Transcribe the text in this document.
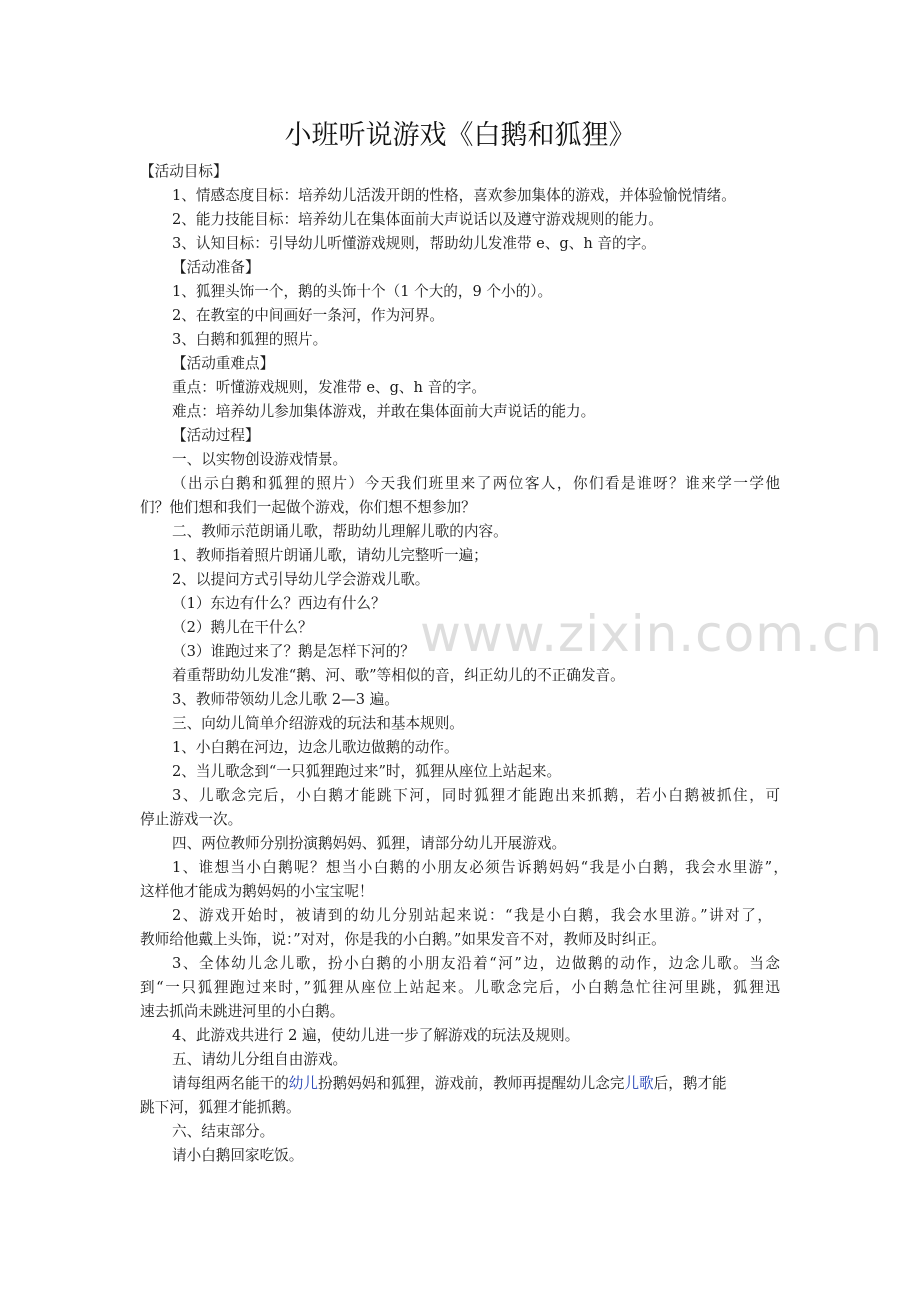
www.zixin.com.cn
小班听说游戏《白鹅和狐狸》
【活动目标】
1、情感态度目标：培养幼儿活泼开朗的性格，喜欢参加集体的游戏，并体验愉悦情绪。
2、能力技能目标：培养幼儿在集体面前大声说话以及遵守游戏规则的能力。
3、认知目标：引导幼儿听懂游戏规则，帮助幼儿发准带 e、g、h 音的字。
【活动准备】
1、狐狸头饰一个，鹅的头饰十个（1 个大的，9 个小的）。
2、在教室的中间画好一条河，作为河界。
3、白鹅和狐狸的照片。
【活动重难点】
重点：听懂游戏规则，发准带 e、g、h 音的字。
难点：培养幼儿参加集体游戏，并敢在集体面前大声说话的能力。
【活动过程】
一、以实物创设游戏情景。
（出示白鹅和狐狸的照片）今天我们班里来了两位客人，你们看是谁呀？谁来学一学他
们？他们想和我们一起做个游戏，你们想不想参加？
二、教师示范朗诵儿歌，帮助幼儿理解儿歌的内容。
1、教师指着照片朗诵儿歌，请幼儿完整听一遍；
2、以提问方式引导幼儿学会游戏儿歌。
（1）东边有什么？西边有什么？
（2）鹅儿在干什么？
（3）谁跑过来了？鹅是怎样下河的？
着重帮助幼儿发准“鹅、河、歌”等相似的音，纠正幼儿的不正确发音。
3、教师带领幼儿念儿歌 2—3 遍。
三、向幼儿简单介绍游戏的玩法和基本规则。
1、小白鹅在河边，边念儿歌边做鹅的动作。
2、当儿歌念到“一只狐狸跑过来”时，狐狸从座位上站起来。
3、儿歌念完后，小白鹅才能跳下河，同时狐狸才能跑出来抓鹅，若小白鹅被抓住，可
停止游戏一次。
四、两位教师分别扮演鹅妈妈、狐狸，请部分幼儿开展游戏。
1、谁想当小白鹅呢？想当小白鹅的小朋友必须告诉鹅妈妈“我是小白鹅，我会水里游”，
这样他才能成为鹅妈妈的小宝宝呢！
2、游戏开始时，被请到的幼儿分别站起来说：“我是小白鹅，我会水里游。”讲对了，
教师给他戴上头饰，说：”对对，你是我的小白鹅。”如果发音不对，教师及时纠正。
3、全体幼儿念儿歌，扮小白鹅的小朋友沿着“河”边，边做鹅的动作，边念儿歌。当念
到“一只狐狸跑过来时，”狐狸从座位上站起来。儿歌念完后，小白鹅急忙往河里跳，狐狸迅
速去抓尚未跳进河里的小白鹅。
4、此游戏共进行 2 遍，使幼儿进一步了解游戏的玩法及规则。
五、请幼儿分组自由游戏。
请每组两名能干的幼儿扮鹅妈妈和狐狸，游戏前，教师再提醒幼儿念完儿歌后，鹅才能
跳下河，狐狸才能抓鹅。
六、结束部分。
请小白鹅回家吃饭。
